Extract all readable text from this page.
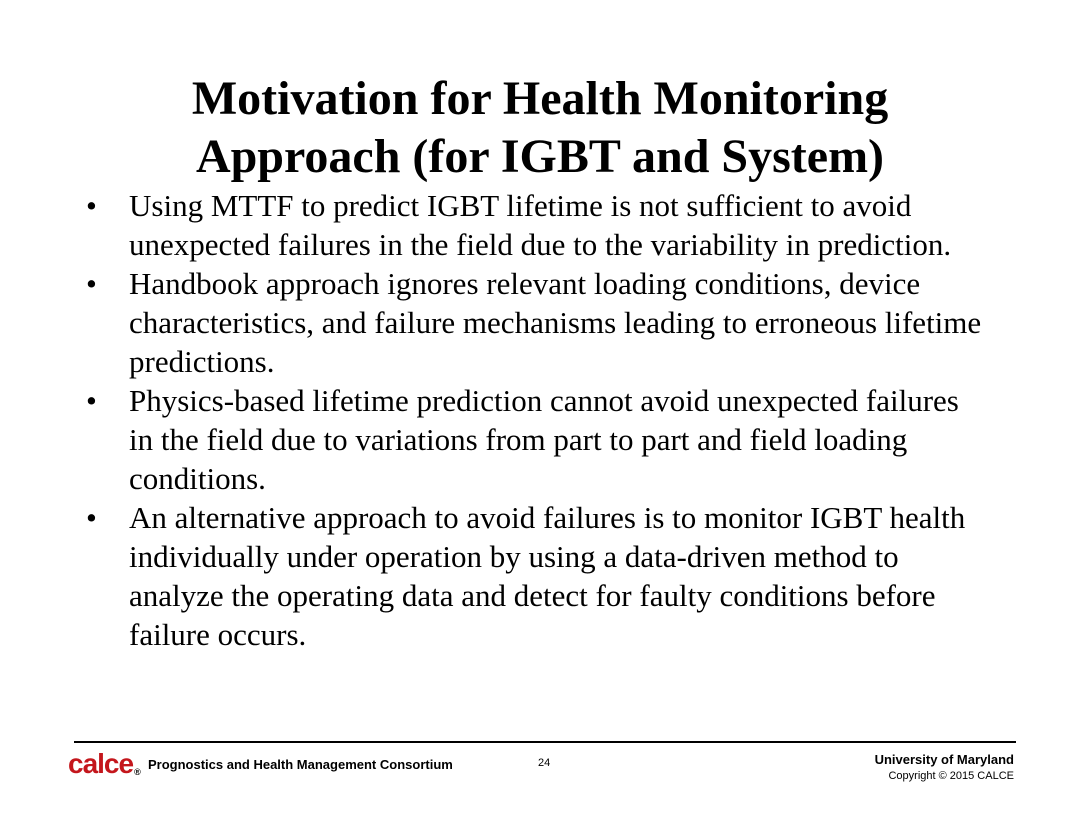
Motivation for Health Monitoring
Approach (for IGBT and System)
•	Using MTTF to predict IGBT lifetime is not sufficient to avoid unexpected failures in the field due to the variability in prediction.
•	Handbook approach ignores relevant loading conditions, device characteristics, and failure mechanisms leading to erroneous lifetime predictions.
•	Physics-based lifetime prediction cannot avoid unexpected failures in the field due to variations from part to part and field loading conditions.
•	An alternative approach to avoid failures is to monitor IGBT health individually under operation by using a data-driven method to analyze the operating data and detect for faulty conditions before failure occurs.
calce® Prognostics and Health Management Consortium	24	University of Maryland
Copyright © 2015 CALCE
